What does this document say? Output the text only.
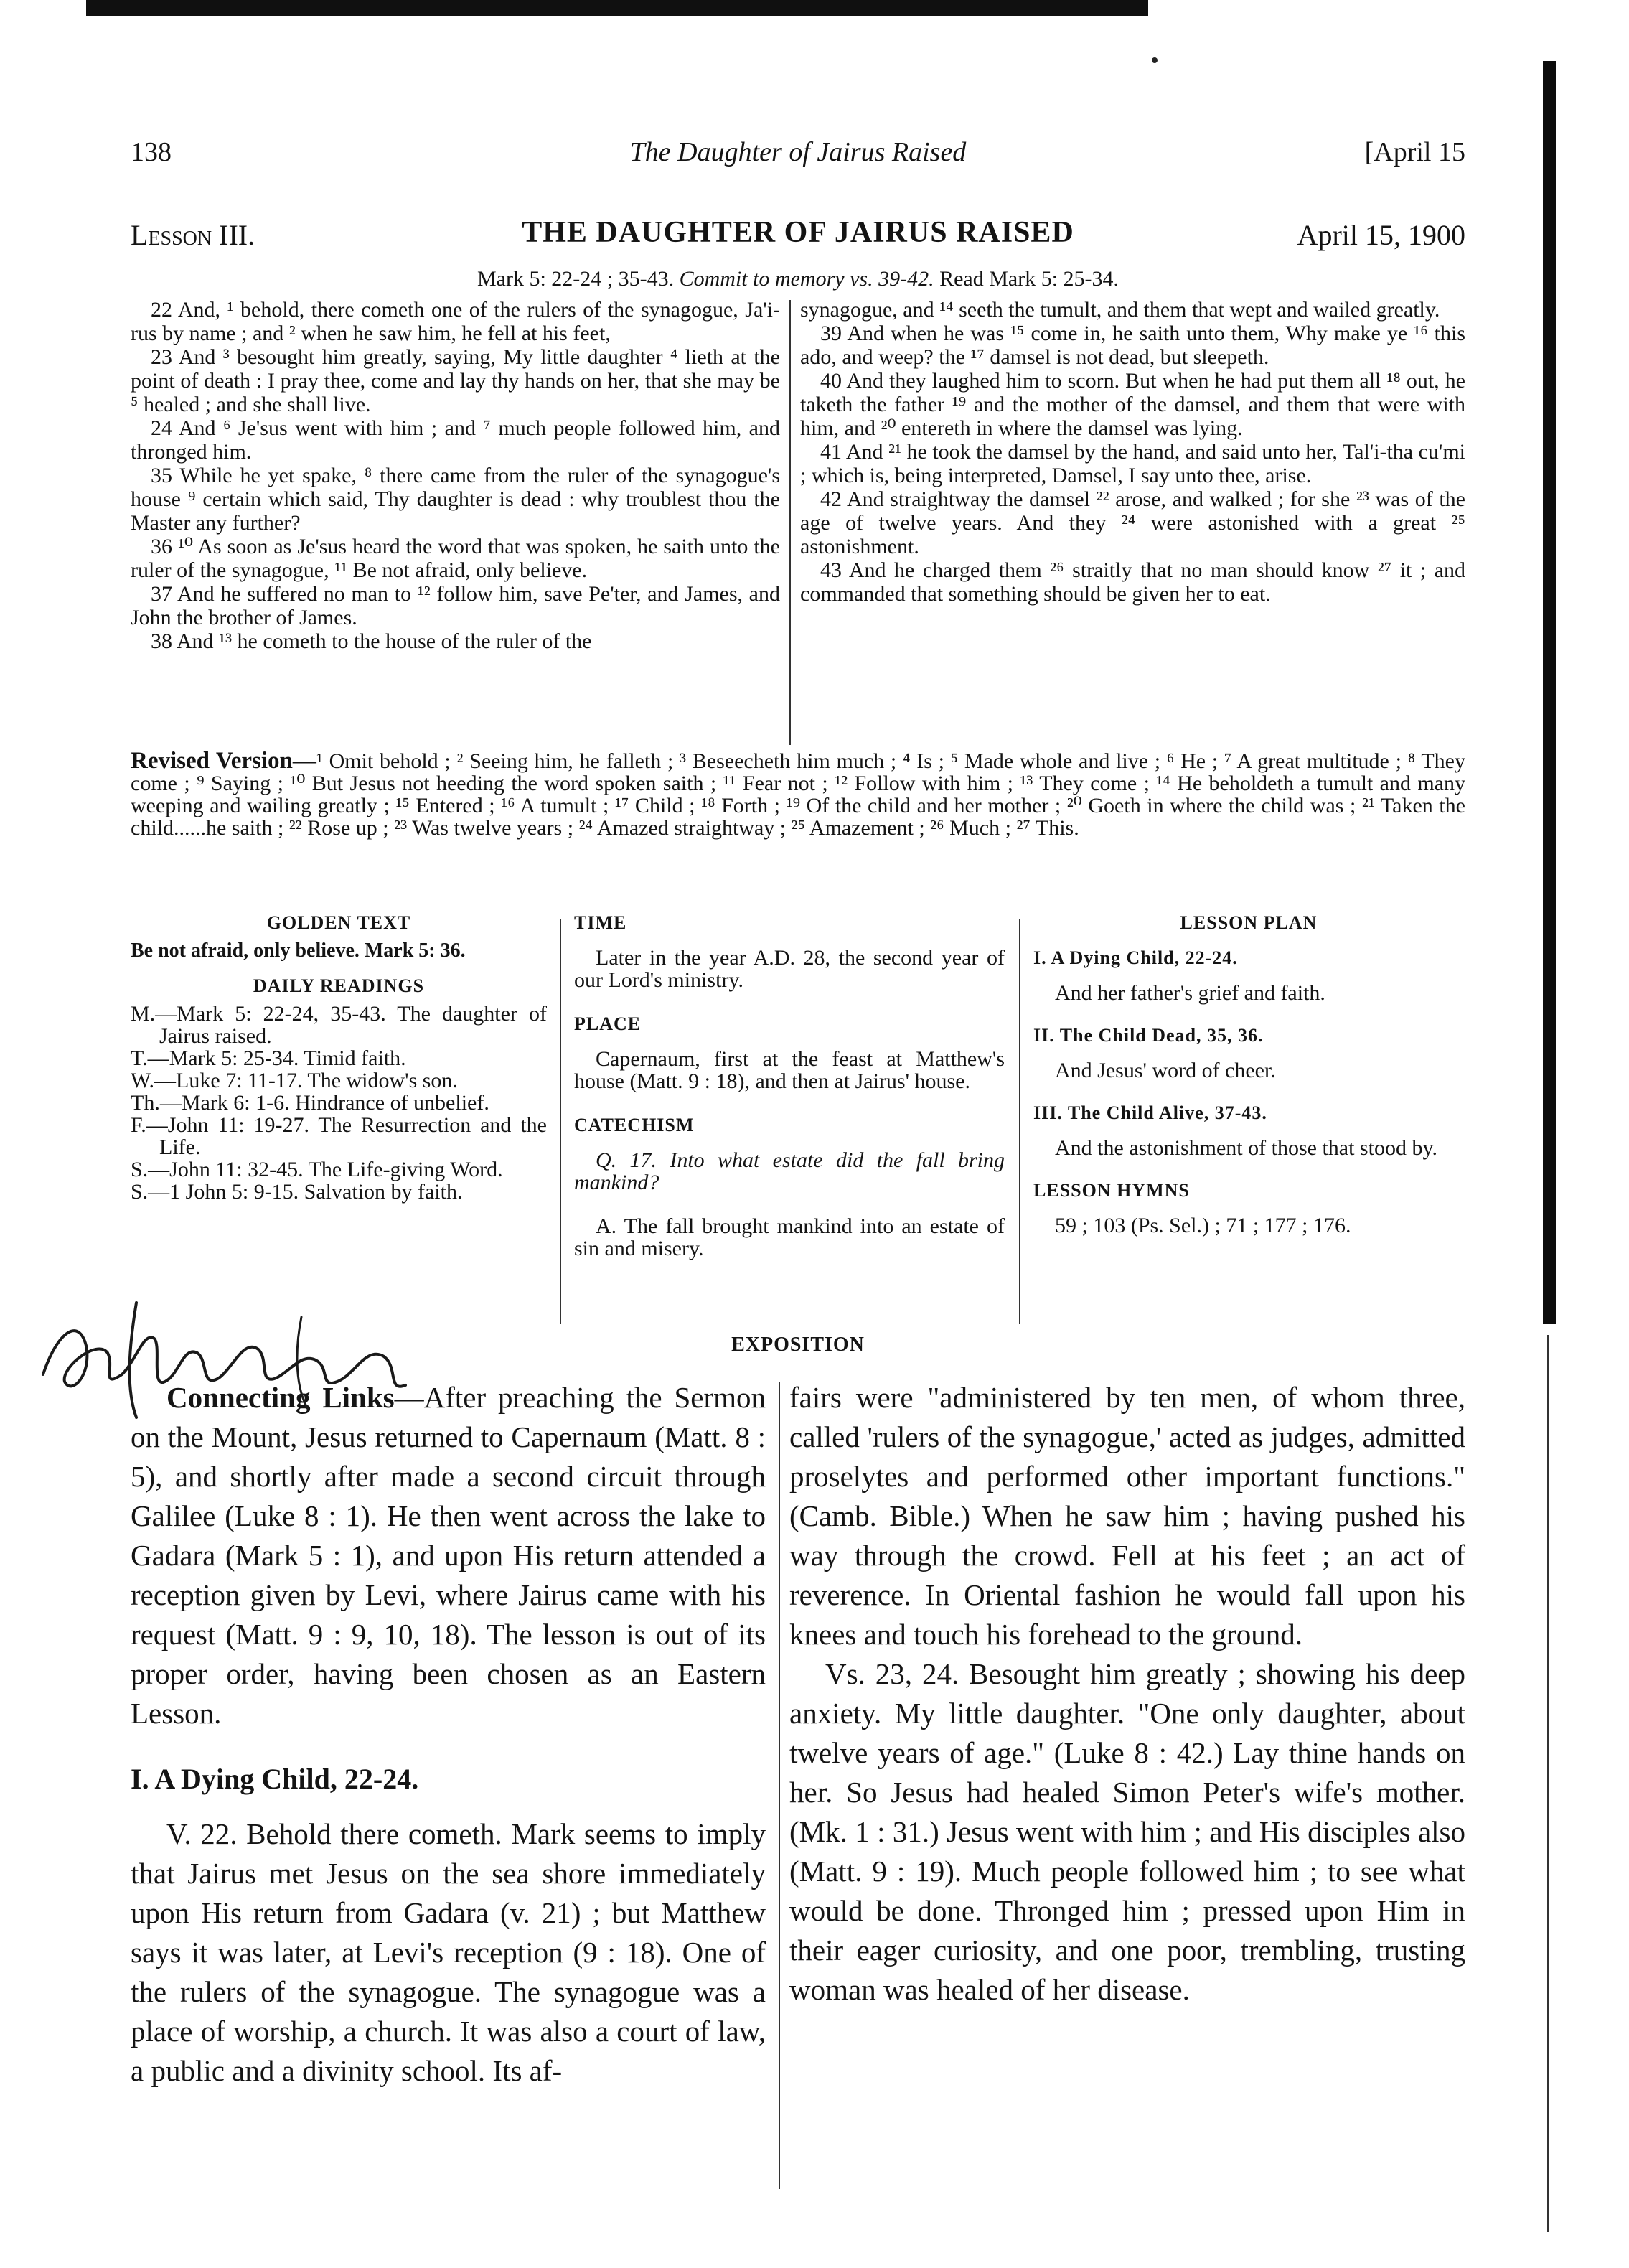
138	The Daughter of Jairus Raised	[April 15
Lesson III.	THE DAUGHTER OF JAIRUS RAISED	April 15, 1900
Mark 5: 22-24 ; 35-43. Commit to memory vs. 39-42. Read Mark 5: 25-34.

22 And, ¹ behold, there cometh one of the rulers of the synagogue, Ja'i-rus by name ; and ² when he saw him, he fell at his feet,

23 And ³ besought him greatly, saying, My little daughter ⁴ lieth at the point of death : I pray thee, come and lay thy hands on her, that she may be ⁵ healed ; and she shall live.

24 And ⁶ Je'sus went with him ; and ⁷ much people followed him, and thronged him.

35 While he yet spake, ⁸ there came from the ruler of the synagogue's house ⁹ certain which said, Thy daughter is dead : why troublest thou the Master any further?

36 ¹⁰ As soon as Je'sus heard the word that was spoken, he saith unto the ruler of the synagogue, ¹¹ Be not afraid, only believe.

37 And he suffered no man to ¹² follow him, save Pe'ter, and James, and John the brother of James.

38 And ¹³ he cometh to the house of the ruler of the

synagogue, and ¹⁴ seeth the tumult, and them that wept and wailed greatly.

39 And when he was ¹⁵ come in, he saith unto them, Why make ye ¹⁶ this ado, and weep? the ¹⁷ damsel is not dead, but sleepeth.

40 And they laughed him to scorn. But when he had put them all ¹⁸ out, he taketh the father ¹⁹ and the mother of the damsel, and them that were with him, and ²⁰ entereth in where the damsel was lying.

41 And ²¹ he took the damsel by the hand, and said unto her, Tal'i-tha cu'mi ; which is, being interpreted, Damsel, I say unto thee, arise.

42 And straightway the damsel ²² arose, and walked ; for she ²³ was of the age of twelve years. And they ²⁴ were astonished with a great ²⁵ astonishment.

43 And he charged them ²⁶ straitly that no man should know ²⁷ it ; and commanded that something should be given her to eat.

Revised Version—¹ Omit behold ; ² Seeing him, he falleth ; ³ Beseecheth him much ; ⁴ Is ; ⁵ Made whole and live ; ⁶ He ; ⁷ A great multitude ; ⁸ They come ; ⁹ Saying ; ¹⁰ But Jesus not heeding the word spoken saith ; ¹¹ Fear not ; ¹² Follow with him ; ¹³ They come ; ¹⁴ He beholdeth a tumult and many weeping and wailing greatly ; ¹⁵ Entered ; ¹⁶ A tumult ; ¹⁷ Child ; ¹⁸ Forth ; ¹⁹ Of the child and her mother ; ²⁰ Goeth in where the child was ; ²¹ Taken the child......he saith ; ²² Rose up ; ²³ Was twelve years ; ²⁴ Amazed straightway ; ²⁵ Amazement ; ²⁶ Much ; ²⁷ This.
GOLDEN TEXT
Be not afraid, only believe. Mark 5: 36.
DAILY READINGS

M.—Mark 5: 22-24, 35-43. The daughter of Jairus raised.

T.—Mark 5: 25-34. Timid faith.

W.—Luke 7: 11-17. The widow's son.

Th.—Mark 6: 1-6. Hindrance of unbelief.

F.—John 11: 19-27. The Resurrection and the Life.

S.—John 11: 32-45. The Life-giving Word.

S.—1 John 5: 9-15. Salvation by faith.

TIME

Later in the year A.D. 28, the second year of our Lord's ministry.

PLACE

Capernaum, first at the feast at Matthew's house (Matt. 9 : 18), and then at Jairus' house.

CATECHISM

Q. 17. Into what estate did the fall bring mankind?

A. The fall brought mankind into an estate of sin and misery.

LESSON PLAN
I. A Dying Child, 22-24.

And her father's grief and faith.

II. The Child Dead, 35, 36.

And Jesus' word of cheer.

III. The Child Alive, 37-43.

And the astonishment of those that stood by.

LESSON HYMNS

59 ; 103 (Ps. Sel.) ; 71 ; 177 ; 176.

EXPOSITION

Connecting Links—After preaching the Sermon on the Mount, Jesus returned to Capernaum (Matt. 8 : 5), and shortly after made a second circuit through Galilee (Luke 8 : 1). He then went across the lake to Gadara (Mark 5 : 1), and upon His return attended a reception given by Levi, where Jairus came with his request (Matt. 9 : 9, 10, 18). The lesson is out of its proper order, having been chosen as an Eastern Lesson.

I. A Dying Child, 22-24.

V. 22. Behold there cometh. Mark seems to imply that Jairus met Jesus on the sea shore immediately upon His return from Gadara (v. 21) ; but Matthew says it was later, at Levi's reception (9 : 18). One of the rulers of the synagogue. The synagogue was a place of worship, a church. It was also a court of law, a public and a divinity school. Its af-

fairs were "administered by ten men, of whom three, called 'rulers of the synagogue,' acted as judges, admitted proselytes and performed other important functions." (Camb. Bible.) When he saw him ; having pushed his way through the crowd. Fell at his feet ; an act of reverence. In Oriental fashion he would fall upon his knees and touch his forehead to the ground.

Vs. 23, 24. Besought him greatly ; showing his deep anxiety. My little daughter. "One only daughter, about twelve years of age." (Luke 8 : 42.) Lay thine hands on her. So Jesus had healed Simon Peter's wife's mother. (Mk. 1 : 31.) Jesus went with him ; and His disciples also (Matt. 9 : 19). Much people followed him ; to see what would be done. Thronged him ; pressed upon Him in their eager curiosity, and one poor, trembling, trusting woman was healed of her disease.
